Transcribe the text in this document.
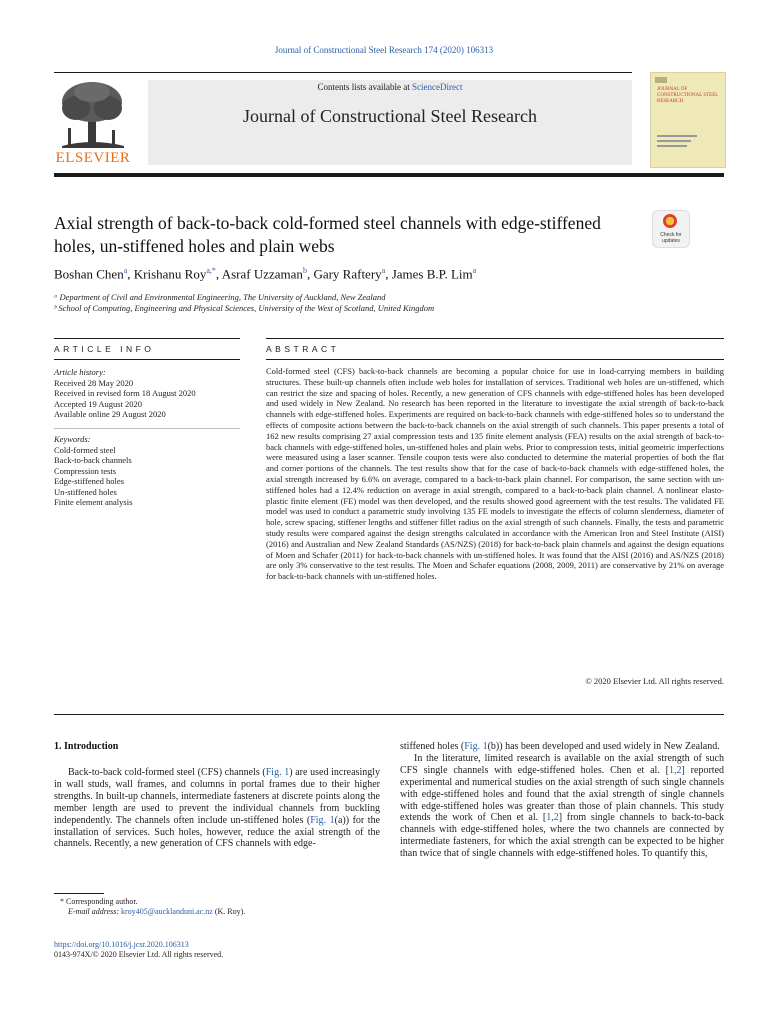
Journal of Constructional Steel Research 174 (2020) 106313
Contents lists available at ScienceDirect
Journal of Constructional Steel Research
ELSEVIER
JOURNAL OF CONSTRUCTIONAL STEEL RESEARCH
Axial strength of back-to-back cold-formed steel channels with edge-stiffened holes, un-stiffened holes and plain webs
Check for updates
Boshan Chen$^a$, Krishanu Roy$^{a,*}$, Asraf Uzzaman$^b$, Gary Raftery$^a$, James B.P. Lim$^a$
ᵃ Department of Civil and Environmental Engineering, The University of Auckland, New Zealand
ᵇ School of Computing, Engineering and Physical Sciences, University of the West of Scotland, United Kingdom
ARTICLE INFO	ABSTRACT
Article history:
Received 28 May 2020
Received in revised form 18 August 2020
Accepted 19 August 2020
Available online 29 August 2020
Keywords:
Cold-formed steel
Back-to-back channels
Compression tests
Edge-stiffened holes
Un-stiffened holes
Finite element analysis
Cold-formed steel (CFS) back-to-back channels are becoming a popular choice for use in load-carrying members in building structures. These built-up channels often include web holes for installation of services. Traditional web holes are un-stiffened, which can restrict the size and spacing of holes. Recently, a new generation of CFS channels with edge-stiffened holes has been developed and used widely in New Zealand. No research has been reported in the literature to investigate the axial strength of back-to-back channels with edge-stiffened holes. Experiments are required on back-to-back channels with edge-stiffened holes so to understand the effects of composite actions between the back-to-back channels on the axial strength of such channels. This paper presents a total of 162 new results comprising 27 axial compression tests and 135 finite element analysis (FEA) results on the axial strength of back-to-back channels with edge-stiffened holes, un-stiffened holes and plain webs. Prior to compression tests, initial geometric imperfections were measured using a laser scanner. Tensile coupon tests were also conducted to determine the material properties of both the flat and corner portions of the channels. The test results show that for the case of back-to-back channels with edge-stiffened holes, the axial strength increased by 6.6% on average, compared to a back-to-back plain channel. For comparison, the same section with un-stiffened holes had a 12.4% reduction on average in axial strength, compared to a back-to-back plain channel. A nonlinear elasto-plastic finite element (FE) model was then developed, and the results showed good agreement with the test results. The validated FE model was used to conduct a parametric study involving 135 FE models to investigate the effects of column slenderness, diameter of hole, screw spacing, stiffener lengths and stiffener fillet radius on the axial strength of such channels. Finally, the tests and parametric study results were compared against the design strengths calculated in accordance with the American Iron and Steel Institute (AISI) (2016) and Australian and New Zealand Standards (AS/NZS) (2018) for back-to-back plain channels and against the design equations of Moen and Schafer (2011) for back-to-back channels with un-stiffened holes. It was found that the AISI (2016) and AS/NZS (2018) are only 3% conservative to the test results. The Moen and Schafer equations (2008, 2009, 2011) are conservative by 21% on average for back-to-back channels with un-stiffened holes.
© 2020 Elsevier Ltd. All rights reserved.
1. Introduction

Back-to-back cold-formed steel (CFS) channels (Fig. 1) are used increasingly in wall studs, wall frames, and columns in portal frames due to their higher strengths. In built-up channels, intermediate fasteners at discrete points along the member length are used to prevent the individual channels from buckling independently. The channels often include un-stiffened holes (Fig. 1(a)) for the installation of services. Such holes, however, reduce the axial strength of the channels. Recently, a new generation of CFS channels with edge-

stiffened holes (Fig. 1(b)) has been developed and used widely in New Zealand.

In the literature, limited research is available on the axial strength of such CFS single channels with edge-stiffened holes. Chen et al. [1,2] reported experimental and numerical studies on the axial strength of such single channels with edge-stiffened holes and found that the axial strength of single channels with edge-stiffened holes was greater than those of plain channels. This study extends the work of Chen et al. [1,2] from single channels to back-to-back channels with edge-stiffened holes, where the two channels are connected by intermediate fasteners, for which the axial strength can be expected to be higher than twice that of single channels with edge-stiffened holes. To quantify this,

* Corresponding author.
E-mail address: kroy405@aucklanduni.ac.nz (K. Roy).
https://doi.org/10.1016/j.jcsr.2020.106313
0143-974X/© 2020 Elsevier Ltd. All rights reserved.
